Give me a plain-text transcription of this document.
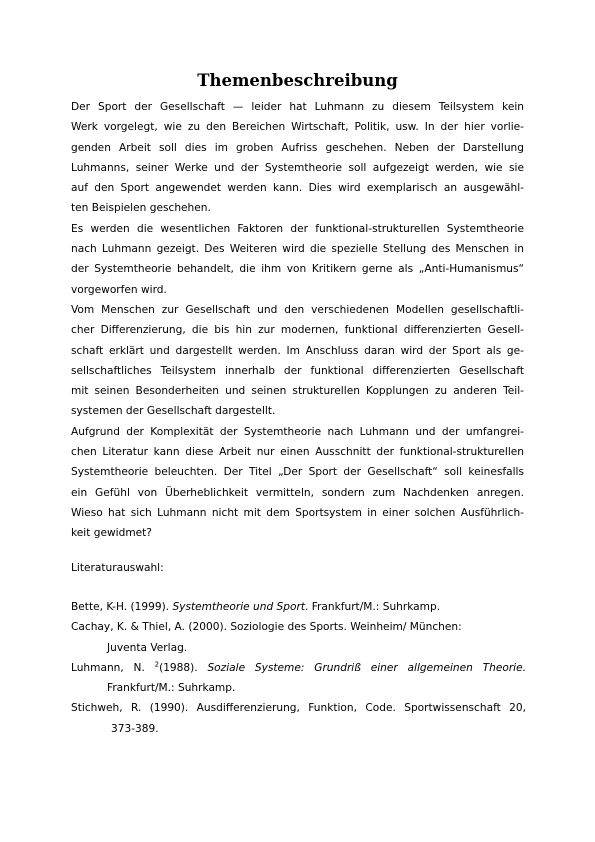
Themenbeschreibung

Der Sport der Gesellschaft — leider hat Luhmann zu diesem Teilsystem kein
Werk vorgelegt, wie zu den Bereichen Wirtschaft, Politik, usw. In der hier vorlie-
genden Arbeit soll dies im groben Aufriss geschehen. Neben der Darstellung
Luhmanns, seiner Werke und der Systemtheorie soll aufgezeigt werden, wie sie
auf den Sport angewendet werden kann. Dies wird exemplarisch an ausgewähl-
ten Beispielen geschehen.

Es werden die wesentlichen Faktoren der funktional-strukturellen Systemtheorie
nach Luhmann gezeigt. Des Weiteren wird die spezielle Stellung des Menschen in
der Systemtheorie behandelt, die ihm von Kritikern gerne als „Anti-Humanismus“
vorgeworfen wird.

Vom Menschen zur Gesellschaft und den verschiedenen Modellen gesellschaftli-
cher Differenzierung, die bis hin zur modernen, funktional differenzierten Gesell-
schaft erklärt und dargestellt werden. Im Anschluss daran wird der Sport als ge-
sellschaftliches Teilsystem innerhalb der funktional differenzierten Gesellschaft
mit seinen Besonderheiten und seinen strukturellen Kopplungen zu anderen Teil-
systemen der Gesellschaft dargestellt.

Aufgrund der Komplexität der Systemtheorie nach Luhmann und der umfangrei-
chen Literatur kann diese Arbeit nur einen Ausschnitt der funktional-strukturellen
Systemtheorie beleuchten. Der Titel „Der Sport der Gesellschaft“ soll keinesfalls
ein Gefühl von Überheblichkeit vermitteln, sondern zum Nachdenken anregen.
Wieso hat sich Luhmann nicht mit dem Sportsystem in einer solchen Ausführlich-
keit gewidmet?

Literaturauswahl:

Bette, K-H. (1999). Systemtheorie und Sport. Frankfurt/M.: Suhrkamp.

Cachay, K. & Thiel, A. (2000). Soziologie des Sports. Weinheim/ München:
Juventa Verlag.

Luhmann, N. $^2$(1988). Soziale Systeme: Grundriß einer allgemeinen Theorie.
Frankfurt/M.: Suhrkamp.

Stichweh, R. (1990). Ausdifferenzierung, Funktion, Code. Sportwissenschaft 20,
373-389.
